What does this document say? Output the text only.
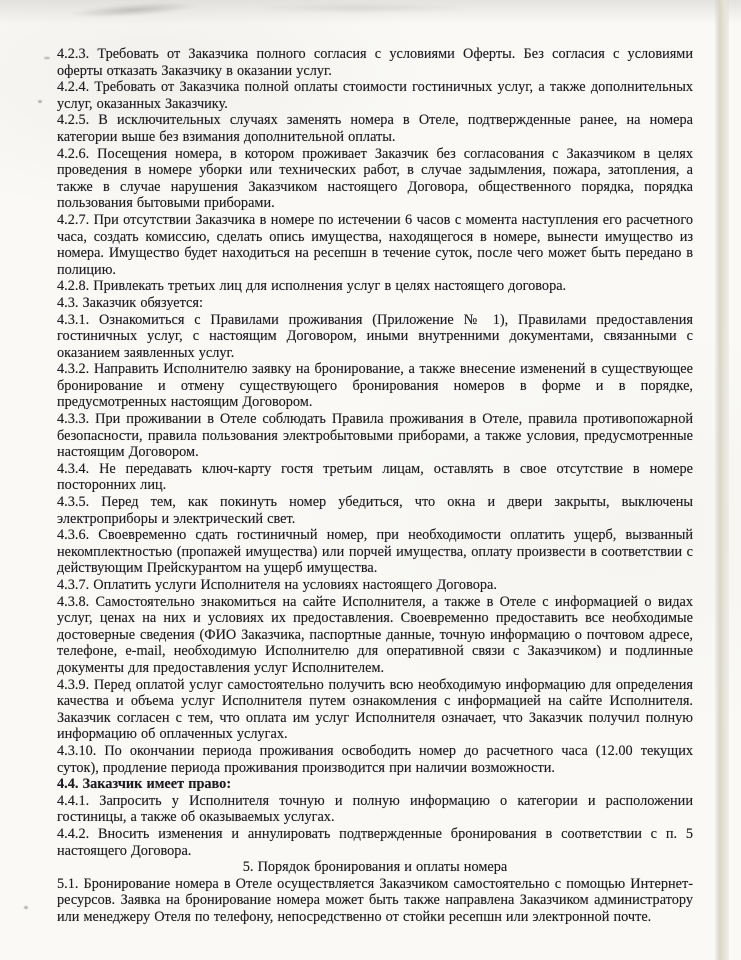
4.2.3. Требовать от Заказчика полного согласия с условиями Оферты. Без согласия с условиями оферты отказать Заказчику в оказании услуг.

4.2.4. Требовать от Заказчика полной оплаты стоимости гостиничных услуг, а также дополнительных услуг, оказанных Заказчику.

4.2.5. В исключительных случаях заменять номера в Отеле, подтвержденные ранее, на номера категории выше без взимания дополнительной оплаты.

4.2.6. Посещения номера, в котором проживает Заказчик без согласования с Заказчиком в целях проведения в номере уборки или технических работ, в случае задымления, пожара, затопления, а также в случае нарушения Заказчиком настоящего Договора, общественного порядка, порядка пользования бытовыми приборами.

4.2.7. При отсутствии Заказчика в номере по истечении 6 часов с момента наступления его расчетного часа, создать комиссию, сделать опись имущества, находящегося в номере, вынести имущество из номера. Имущество будет находиться на ресепшн в течение суток, после чего может быть передано в полицию.

4.2.8. Привлекать третьих лиц для исполнения услуг в целях настоящего договора.

4.3. Заказчик обязуется:

4.3.1. Ознакомиться с Правилами проживания (Приложение № 1), Правилами предоставления гостиничных услуг, с настоящим Договором, иными внутренними документами, связанными с оказанием заявленных услуг.

4.3.2. Направить Исполнителю заявку на бронирование, а также внесение изменений в существующее бронирование и отмену существующего бронирования номеров в форме и в порядке, предусмотренных настоящим Договором.

4.3.3. При проживании в Отеле соблюдать Правила проживания в Отеле, правила противопожарной безопасности, правила пользования электробытовыми приборами, а также условия, предусмотренные настоящим Договором.

4.3.4. Не передавать ключ-карту гостя третьим лицам, оставлять в свое отсутствие в номере посторонних лиц.

4.3.5. Перед тем, как покинуть номер убедиться, что окна и двери закрыты, выключены электроприборы и электрический свет.

4.3.6. Своевременно сдать гостиничный номер, при необходимости оплатить ущерб, вызванный некомплектностью (пропажей имущества) или порчей имущества, оплату произвести в соответствии с действующим Прейскурантом на ущерб имущества.

4.3.7. Оплатить услуги Исполнителя на условиях настоящего Договора.

4.3.8. Самостоятельно знакомиться на сайте Исполнителя, а также в Отеле с информацией о видах услуг, ценах на них и условиях их предоставления. Своевременно предоставить все необходимые достоверные сведения (ФИО Заказчика, паспортные данные, точную информацию о почтовом адресе, телефоне, e-mail, необходимую Исполнителю для оперативной связи с Заказчиком) и подлинные документы для предоставления услуг Исполнителем.

4.3.9. Перед оплатой услуг самостоятельно получить всю необходимую информацию для определения качества и объема услуг Исполнителя путем ознакомления с информацией на сайте Исполнителя. Заказчик согласен с тем, что оплата им услуг Исполнителя означает, что Заказчик получил полную информацию об оплаченных услугах.

4.3.10. По окончании периода проживания освободить номер до расчетного часа (12.00 текущих суток), продление периода проживания производится при наличии возможности.

4.4. Заказчик имеет право:

4.4.1. Запросить у Исполнителя точную и полную информацию о категории и расположении гостиницы, а также об оказываемых услугах.

4.4.2. Вносить изменения и аннулировать подтвержденные бронирования в соответствии с п. 5 настоящего Договора.

5. Порядок бронирования и оплаты номера

5.1. Бронирование номера в Отеле осуществляется Заказчиком самостоятельно с помощью Интернет-ресурсов. Заявка на бронирование номера может быть также направлена Заказчиком администратору или менеджеру Отеля по телефону, непосредственно от стойки ресепшн или электронной почте.
